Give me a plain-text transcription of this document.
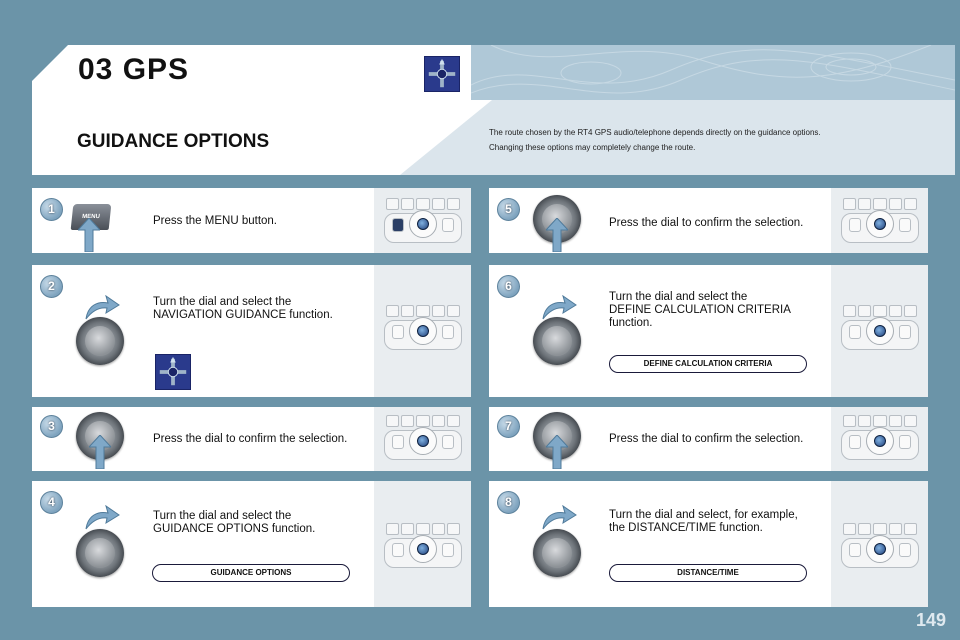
03 GPS
GUIDANCE OPTIONS	The route chosen by the RT4 GPS audio/telephone depends directly on the guidance options.
Changing these options may completely change the route.
1
MENU	Press the MENU button.
2
Turn the dial and select the
NAVIGATION GUIDANCE function.
3
Press the dial to confirm the selection.
4
Turn the dial and select the
GUIDANCE OPTIONS function.
GUIDANCE OPTIONS
5
Press the dial to confirm the selection.
6
Turn the dial and select the
DEFINE CALCULATION CRITERIA
function.
DEFINE CALCULATION CRITERIA
7
Press the dial to confirm the selection.
8
Turn the dial and select, for example,
the DISTANCE/TIME function.
DISTANCE/TIME
149
